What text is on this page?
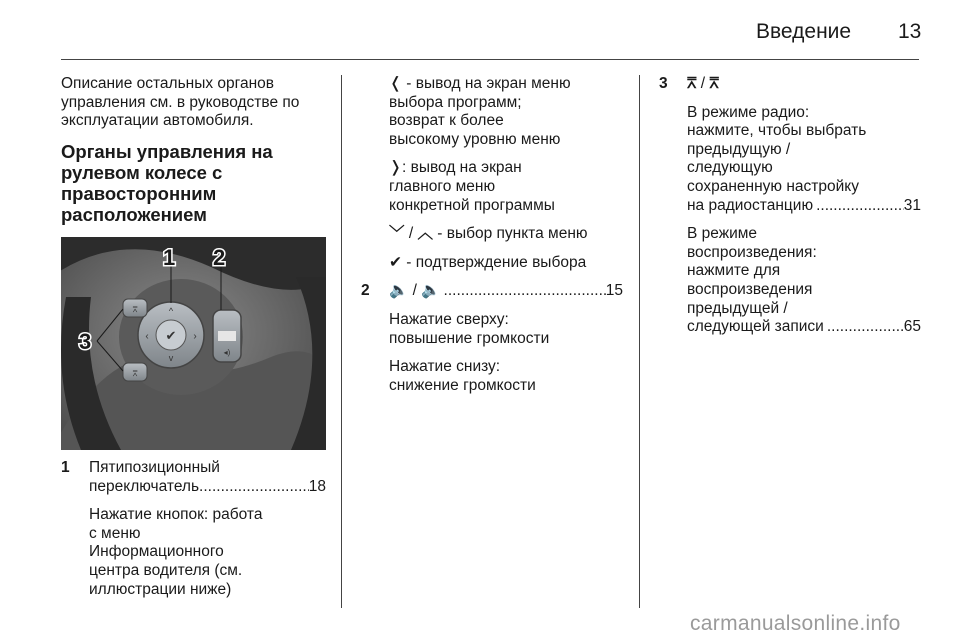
Введение 13

Описание остальных органов
управления см. в руководстве по
эксплуатации автомобиля.

Органы управления на
рулевом колесе с
правосторонним
расположением
✔
‹	›
^
v
◂)
⩞
⩞
1 2
3
1 Пятипозиционный
переключатель .....	18

Нажатие кнопок: работа
с меню
Информационного
центра водителя (см.
иллюстрации ниже)

❬ - вывод на экран меню
выбора программ;
возврат к более
высокому уровню меню

❭: вывод на экран
главного меню
конкретной программы

﹀ / ︿ - выбор пункта меню

✔ - подтверждение выбора

2 🔈 / 🔈 .....	15

Нажатие сверху:
повышение громкости

Нажатие снизу:
снижение громкости

3 ⩞ / ⩞

В режиме радио:
нажмите, чтобы выбрать
предыдущую /
следующую
сохраненную настройку

на радиостанцию .....	31

В режиме
воспроизведения:
нажмите для
воспроизведения
предыдущей /

следующей записи .....	65
carmanualsonline.info
